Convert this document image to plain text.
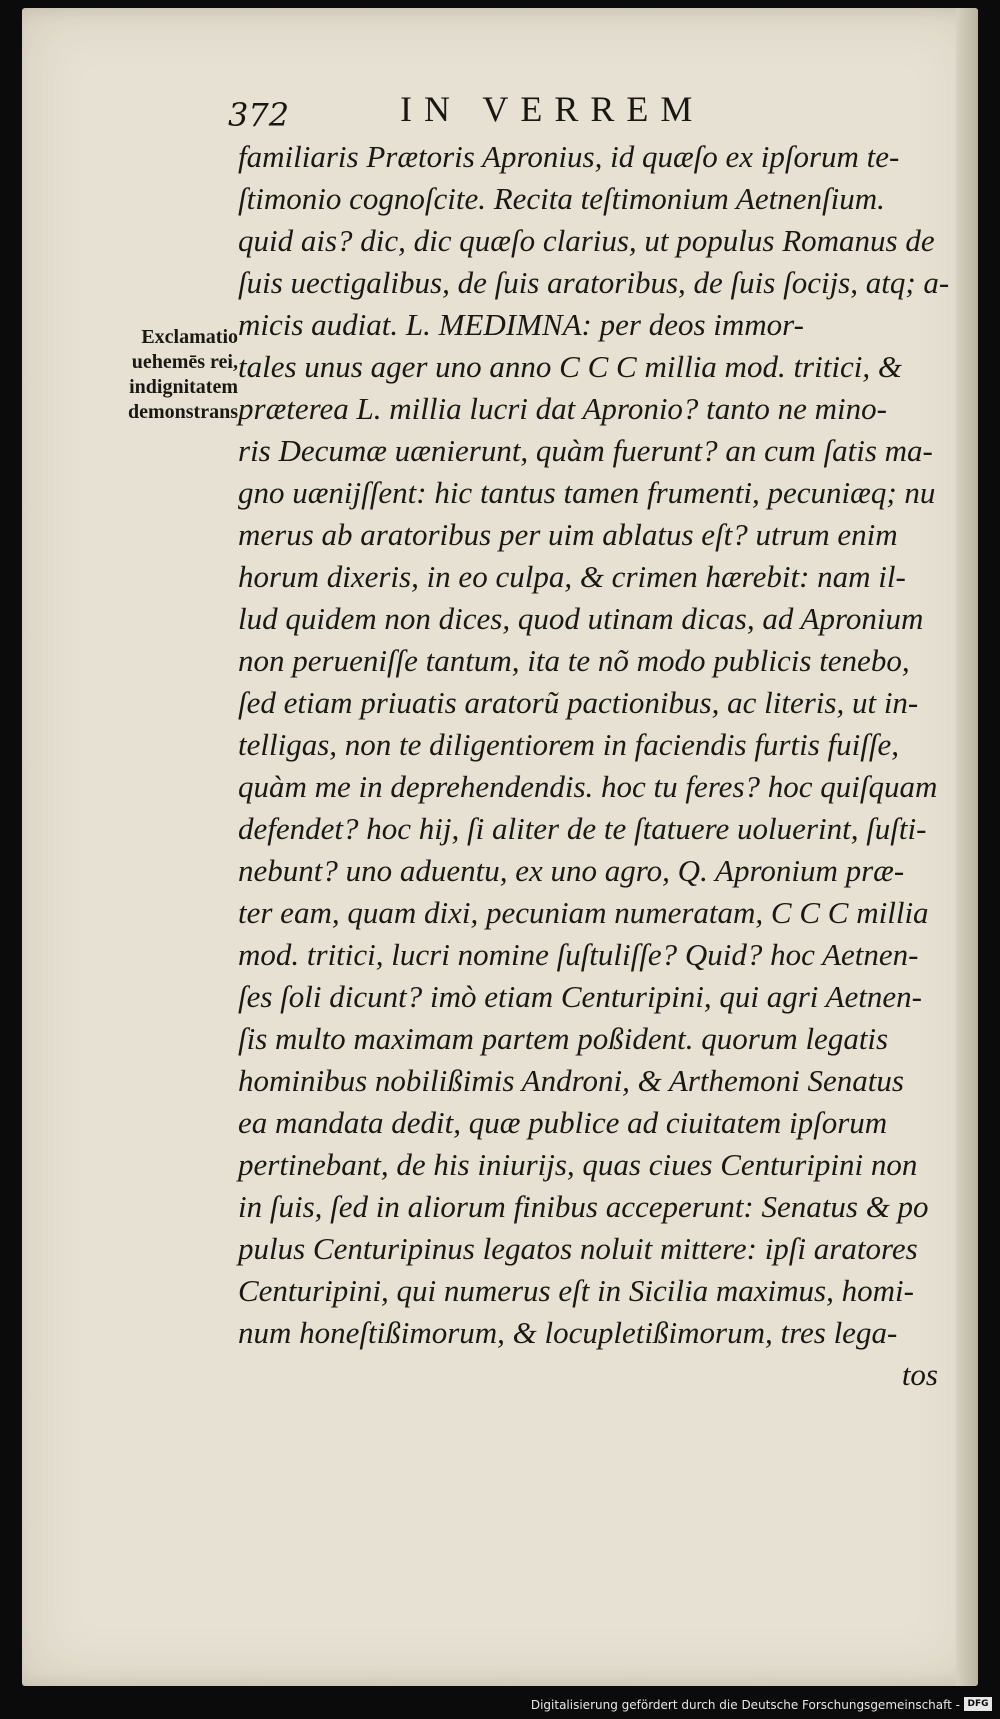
372	IN VERREM
Exclamatio
uehemēs rei,
indignitatem
demonstrans
familiaris Prætoris Apronius, id quæſo ex ipſorum te-
ſtimonio cognoſcite. Recita teſtimonium Aetnenſium.
quid ais? dic, dic quæſo clarius, ut populus Romanus de
ſuis uectigalibus, de ſuis aratoribus, de ſuis ſocijs, atq; a-
micis audiat. L. MEDIMNA: per deos immor-
tales unus ager uno anno C C C millia mod. tritici, &
præterea L. millia lucri dat Apronio? tanto ne mino-
ris Decumæ uænierunt, quàm fuerunt? an cum ſatis ma-
gno uænijſſent: hic tantus tamen frumenti, pecuniæq; nu
merus ab aratoribus per uim ablatus eſt? utrum enim
horum dixeris, in eo culpa, & crimen hærebit: nam il-
lud quidem non dices, quod utinam dicas, ad Apronium
non perueniſſe tantum, ita te nõ modo publicis tenebo,
ſed etiam priuatis aratorũ pactionibus, ac literis, ut in-
telligas, non te diligentiorem in faciendis furtis fuiſſe,
quàm me in deprehendendis. hoc tu feres? hoc quiſquam
defendet? hoc hij, ſi aliter de te ſtatuere uoluerint, ſuſti-
nebunt? uno aduentu, ex uno agro, Q. Apronium præ-
ter eam, quam dixi, pecuniam numeratam, C C C millia
mod. tritici, lucri nomine ſuſtuliſſe? Quid? hoc Aetnen-
ſes ſoli dicunt? imò etiam Centuripini, qui agri Aetnen-
ſis multo maximam partem poßident. quorum legatis
hominibus nobilißimis Androni, & Arthemoni Senatus
ea mandata dedit, quæ publice ad ciuitatem ipſorum
pertinebant, de his iniurijs, quas ciues Centuripini non
in ſuis, ſed in aliorum finibus acceperunt: Senatus & po
pulus Centuripinus legatos noluit mittere: ipſi aratores
Centuripini, qui numerus eſt in Sicilia maximus, homi-
num honeſtißimorum, & locupletißimorum, tres lega-
tos
Digitalisierung gefördert durch die Deutsche Forschungsgemeinschaft - DFG
